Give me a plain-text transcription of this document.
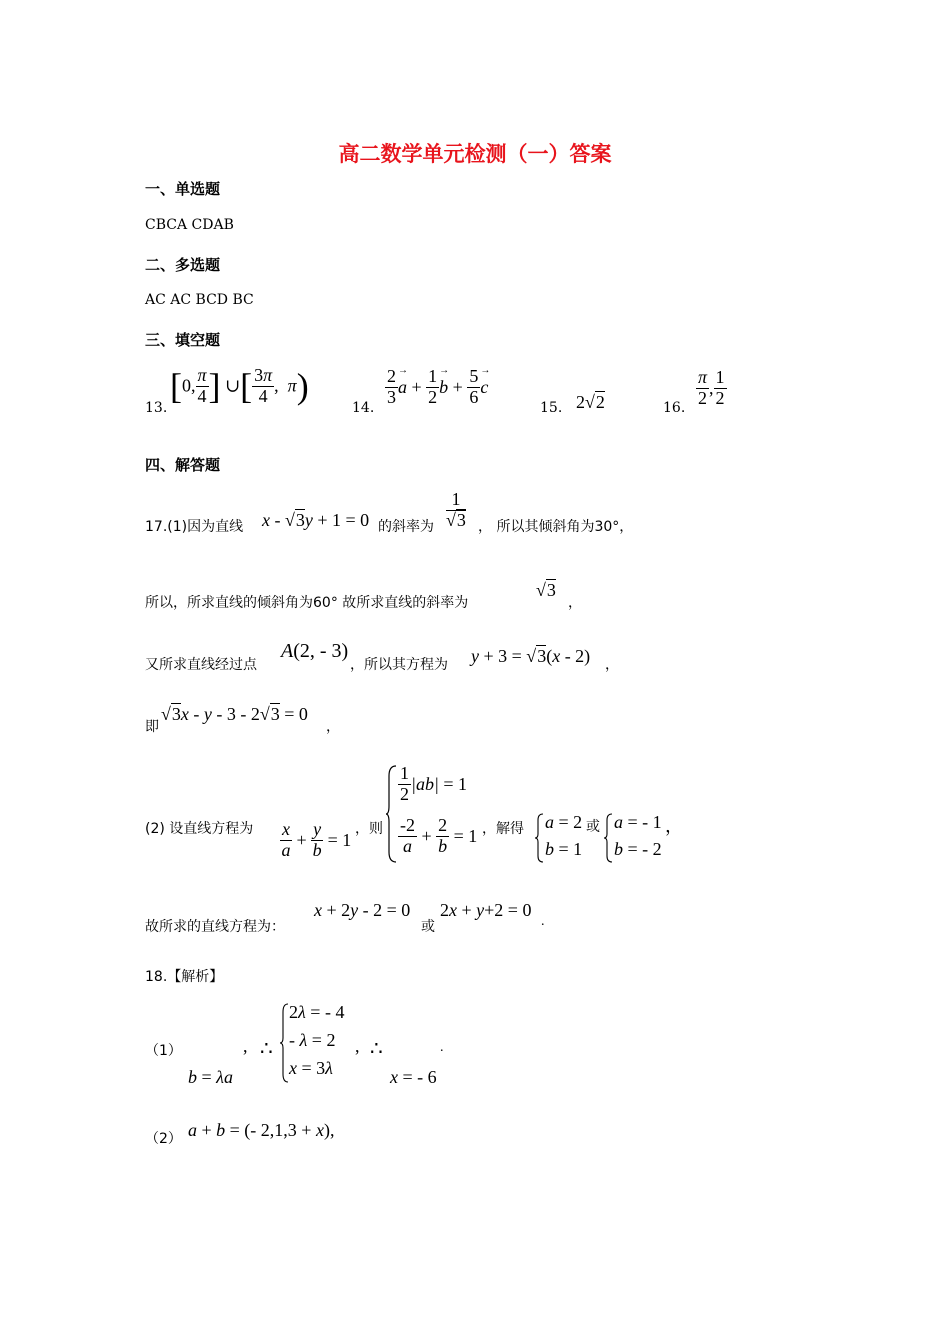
高二数学单元检测（一）答案
一、单选题
CBCA CDAB
二、多选题
AC AC BCD BC
三、填空题
13.
[0, $\frac{\pi}{4}$ ] ∪[ $\frac{3\pi}{4}$ ,  π)
14.
$\frac{2}{3}$
→ $a + \frac{1}{2}$
→ $b + \frac{5}{6}$
→ c
15. 2√2	16. $\frac{\pi}{2}$ , $\frac{1}{2}$
四、解答题
17.(1)因为直线 x - √3y + 1 = 0 的斜率为 $\frac{1}{√3}$ ， 所以其倾斜角为30°，
所以，所求直线的倾斜角为60° 故所求直线的斜率为
√3
，
又所求直线经过点
A(2, - 3)
，所以其方程为 y + 3 = √3(x - 2) ，
即
√3x - y - 3 - 2√3 = 0
，
(2) 设直线方程为 $\frac{x}{a} + \frac{y}{b} = 1$
，则
$\frac{1}{2} |ab| = 1$
$\frac{-2}{a} + \frac{2}{b} = 1$ ，解得 a = 2
b = 1
或 a = - 1
b = - 2
，
故所求的直线方程为：
x + 2y - 2 = 0
或
2x + y+2 = 0
.
18.【解析】
（1）
b = λa
, ∴
2λ = - 4
- λ = 2
x = 3λ
, ∴
x = - 6
.
（2） a + b = (- 2,1,3 + x),
